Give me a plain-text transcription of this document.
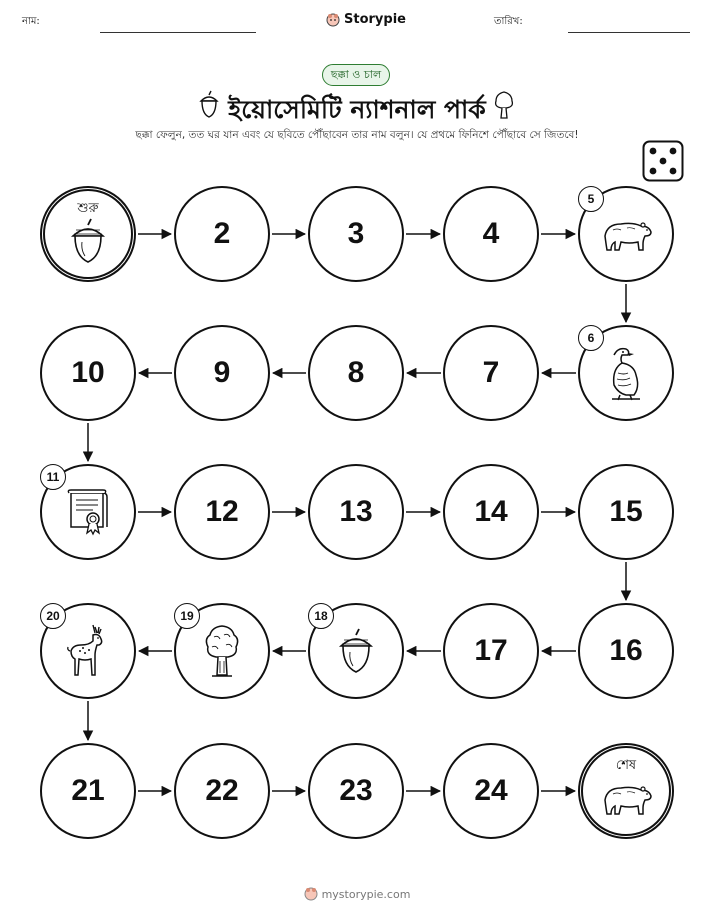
নাম:	Storypie	তারিখ:
ছক্কা ও চাল
ইয়োসেমিটি ন্যাশনাল পার্ক
ছক্কা ফেলুন, তত ঘর যান এবং যে ছবিতে পৌঁছাবেন তার নাম বলুন। যে প্রথমে ফিনিশে পৌঁছাবে সে জিতবে!
শুরু
2	3	4
5
6
7
8
9
10
11
12	13	14	15
16
17
18
19
20
21	22	23	24
শেষ
mystorypie.com
